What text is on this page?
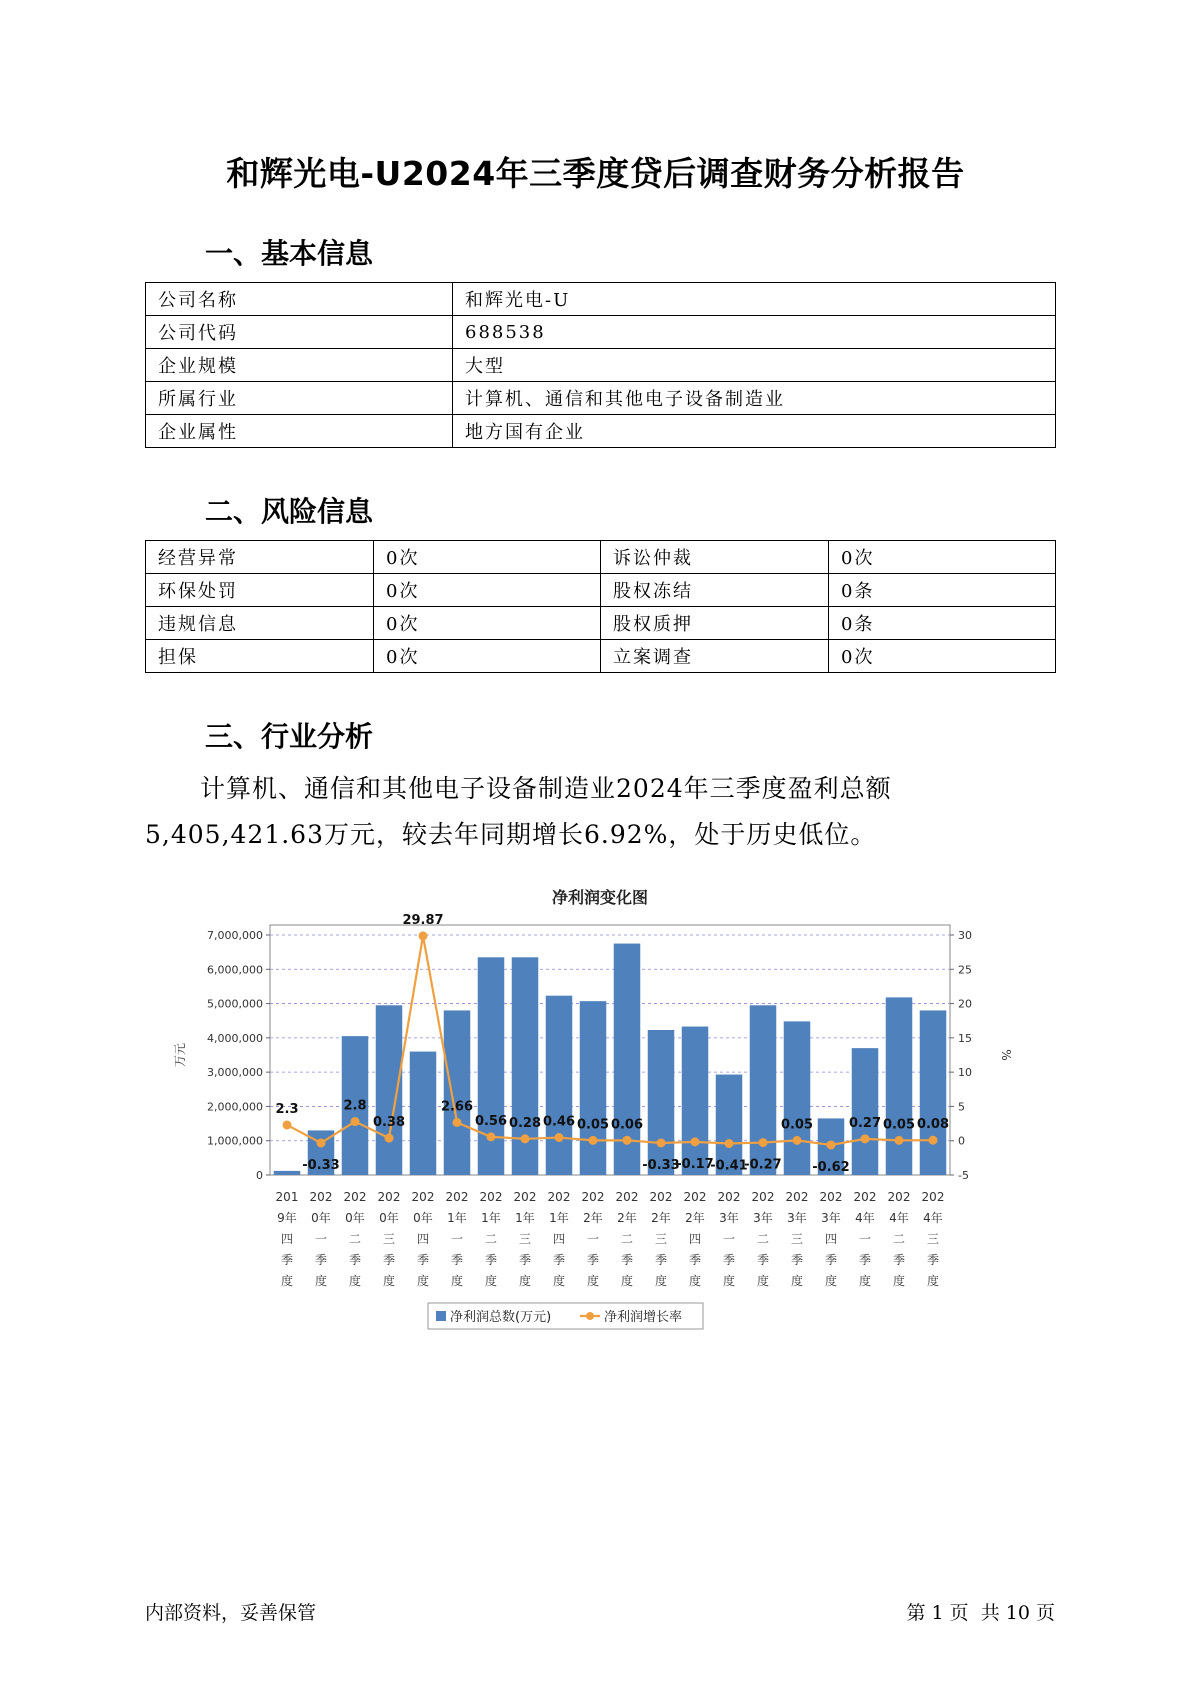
和辉光电-U2024年三季度贷后调查财务分析报告
一、基本信息
公司名称	和辉光电-U
公司代码	688538
企业规模	大型
所属行业	计算机、通信和其他电子设备制造业
企业属性	地方国有企业
二、风险信息
经营异常	0次	诉讼仲裁	0次
环保处罚	0次	股权冻结	0条
违规信息	0次	股权质押	0条
担保	0次	立案调查	0次
三、行业分析
计算机、通信和其他电子设备制造业2024年三季度盈利总额
5,405,421.63万元，较去年同期增长6.92%，处于历史低位。
净利润变化图
0
1,000,000
2,000,000
3,000,000
4,000,000
5,000,000
6,000,000
7,000,000
-5
0
5
10
15
20
25
30
万元	%
2.3
-0.33
2.8
0.38
29.87
2.66
0.56 0.28 0.46 0.05 0.06
-0.33
-0.17
-0.41
-0.27
0.05
-0.62
0.27 0.05 0.08
201 9年四季度
202 0年一季度
202 0年二季度
202 0年三季度
202 0年四季度
202 1年一季度
202 1年二季度
202 1年三季度
202 1年四季度
202 2年一季度
202 2年二季度
202 2年三季度
202 2年四季度
202 3年一季度
202 3年二季度
202 3年三季度
202 3年四季度
202 4年一季度
202 4年二季度
202 4年三季度
净利润总数(万元)	净利润增长率
内部资料，妥善保管	第 1 页  共 10 页
